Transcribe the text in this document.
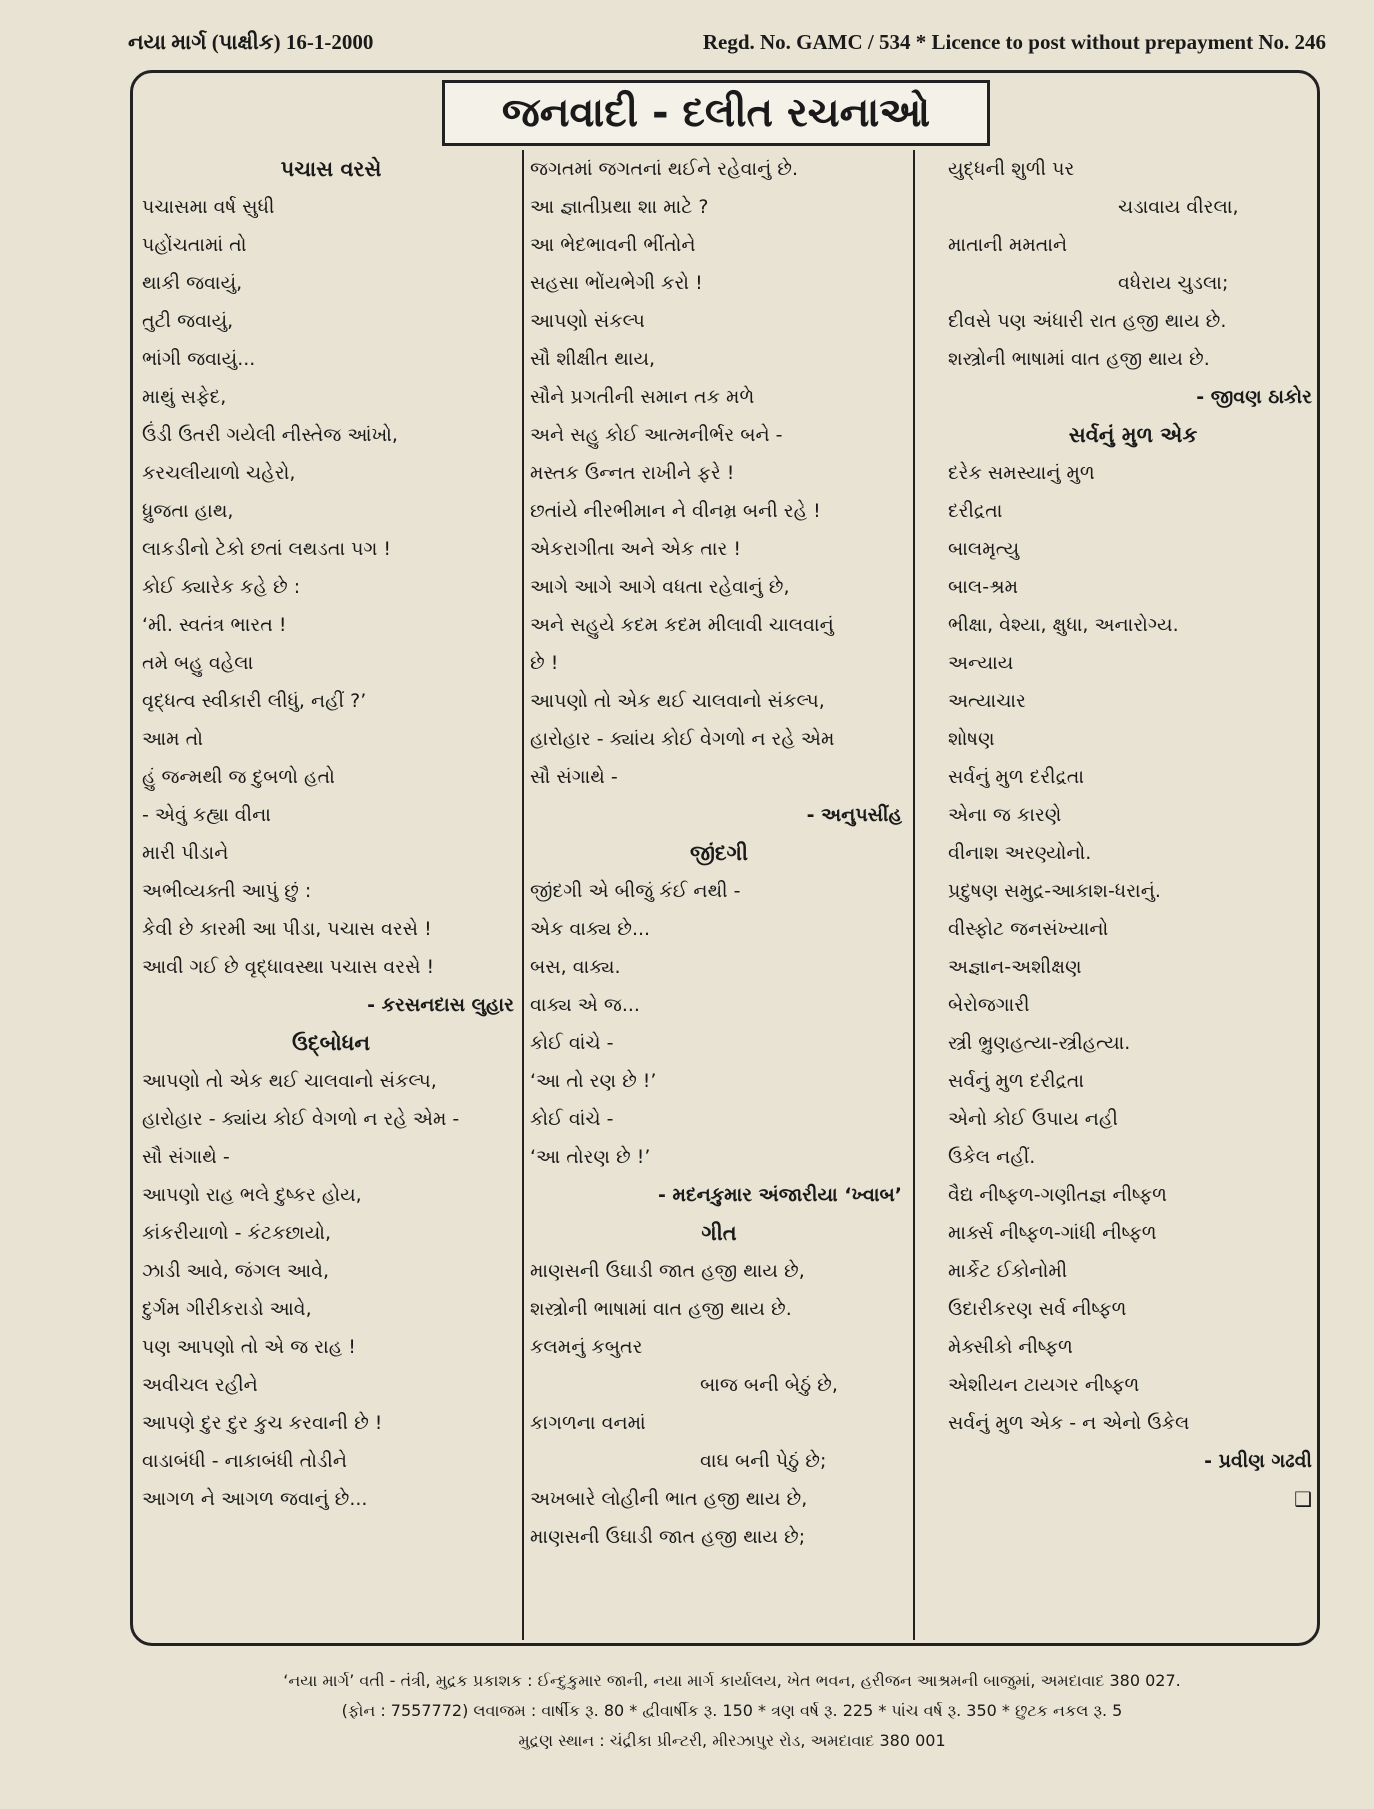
નયા માર્ગ (પાક્ષીક) 16-1-2000	Regd. No. GAMC / 534 * Licence to post without prepayment No. 246
જનવાદી - દલીત રચનાઓ
પચાસ વરસે
પચાસમા વર્ષ સુધી
પહોંચતામાં તો
થાકી જવાયું,
તુટી જવાયું,
ભાંગી જવાયું...
માથું સફેદ,
ઉંડી ઉતરી ગયેલી નીસ્તેજ આંખો,
કરચલીયાળો ચહેરો,
ધ્રુજતા હાથ,
લાકડીનો ટેકો છતાં લથડતા પગ !
કોઈ ક્યારેક કહે છે :
‘મી. સ્વતંત્ર ભારત !
તમે બહુ વહેલા
વૃદ્ધત્વ સ્વીકારી લીધું, નહીં ?’
આમ તો
હું જન્મથી જ દુબળો હતો
- એવું કહ્યા વીના
મારી પીડાને
અભીવ્યક્તી આપું છું :
કેવી છે કારમી આ પીડા, પચાસ વરસે !
આવી ગઈ છે વૃદ્ધાવસ્થા પચાસ વરસે !
- કરસનદાસ લુહાર
ઉદ્બોધન
આપણો તો એક થઈ ચાલવાનો સંકલ્પ,
હારોહાર - ક્યાંય કોઈ વેગળો ન રહે એમ -
સૌ સંગાથે -
આપણો રાહ ભલે દુષ્કર હોય,
કાંકરીયાળો - કંટકછાયો,
ઝાડી આવે, જંગલ આવે,
દુર્ગમ ગીરીકરાડો આવે,
પણ આપણો તો એ જ રાહ !
અવીચલ રહીને
આપણે દુર દુર કુચ કરવાની છે !
વાડાબંધી - નાકાબંધી તોડીને
આગળ ને આગળ જવાનું છે...
જગતમાં જગતનાં થઈને રહેવાનું છે.
આ જ્ઞાતીપ્રથા શા માટે ?
આ ભેદભાવની ભીંતોને
સહસા ભોંયભેગી કરો !
આપણો સંકલ્પ
સૌ શીક્ષીત થાય,
સૌને પ્રગતીની સમાન તક મળે
અને સહુ કોઈ આત્મનીર્ભર બને -
મસ્તક ઉન્નત રાખીને ફરે !
છતાંયે નીરભીમાન ને વીનમ્ર બની રહે !
એકરાગીતા અને એક તાર !
આગે આગે આગે વધતા રહેવાનું છે,
અને સહુયે કદમ કદમ મીલાવી ચાલવાનું
છે !
આપણો તો એક થઈ ચાલવાનો સંકલ્પ,
હારોહાર - ક્યાંય કોઈ વેગળો ન રહે એમ
સૌ સંગાથે -
- અનુપસીંહ
જીંદગી
જીંદગી એ બીજું કંઈ નથી -
એક વાક્ય છે...
બસ, વાક્ય.
વાક્ય એ જ...
કોઈ વાંચે -
‘આ તો રણ છે !’
કોઈ વાંચે -
‘આ તોરણ છે !’
- મદનકુમાર અંજારીયા ‘ખ્વાબ’
ગીત
માણસની ઉઘાડી જાત હજી થાય છે,
શસ્ત્રોની ભાષામાં વાત હજી થાય છે.
કલમનું કબુતર
બાજ બની બેઠું છે,
કાગળના વનમાં
વાઘ બની પેઠું છે;
અખબારે લોહીની ભાત હજી થાય છે,
માણસની ઉઘાડી જાત હજી થાય છે;
યુદ્ધની શુળી પર
ચડાવાય વીરલા,
માતાની મમતાને
વધેરાય ચુડલા;
દીવસે પણ અંધારી રાત હજી થાય છે.
શસ્ત્રોની ભાષામાં વાત હજી થાય છે.
- જીવણ ઠાકોર
સર્વનું મુળ એક
દરેક સમસ્યાનું મુળ
દરીદ્રતા
બાલમૃત્યુ
બાલ-શ્રમ
ભીક્ષા, વેશ્યા, ક્ષુધા, અનારોગ્ય.
અન્યાય
અત્યાચાર
શોષણ
સર્વનું મુળ દરીદ્રતા
એના જ કારણે
વીનાશ અરણ્યોનો.
પ્રદુષણ સમુદ્ર-આકાશ-ધરાનું.
વીસ્ફોટ જનસંખ્યાનો
અજ્ઞાન-અશીક્ષણ
બેરોજગારી
સ્ત્રી ભ્રુણહત્યા-સ્ત્રીહત્યા.
સર્વનું મુળ દરીદ્રતા
એનો કોઈ ઉપાય નહી
ઉકેલ નહીં.
વૈદ્ય નીષ્ફળ-ગણીતજ્ઞ નીષ્ફળ
માર્ક્સ નીષ્ફળ-ગાંધી નીષ્ફળ
માર્કેટ ઈકોનોમી
ઉદારીકરણ સર્વ નીષ્ફળ
મેક્સીકો નીષ્ફળ
એશીયન ટાયગર નીષ્ફળ
સર્વનું મુળ એક - ન એનો ઉકેલ
- પ્રવીણ ગઢવી
❑
‘નયા માર્ગ’ વતી - તંત્રી, મુદ્રક પ્રકાશક : ઈન્દુકુમાર જાની, નયા માર્ગ કાર્યાલય, ખેત ભવન, હરીજન આશ્રમની બાજુમાં, અમદાવાદ 380 027.
(ફોન : 7557772) લવાજમ : વાર્ષીક રૂ. 80 * દ્વીવાર્ષીક રૂ. 150 * ત્રણ વર્ષ રૂ. 225 * પાંચ વર્ષ રૂ. 350 * છુટક નકલ રૂ. 5
મુદ્રણ સ્થાન : ચંદ્રીકા પ્રીન્ટરી, મીરઝાપુર રોડ, અમદાવાદ 380 001
